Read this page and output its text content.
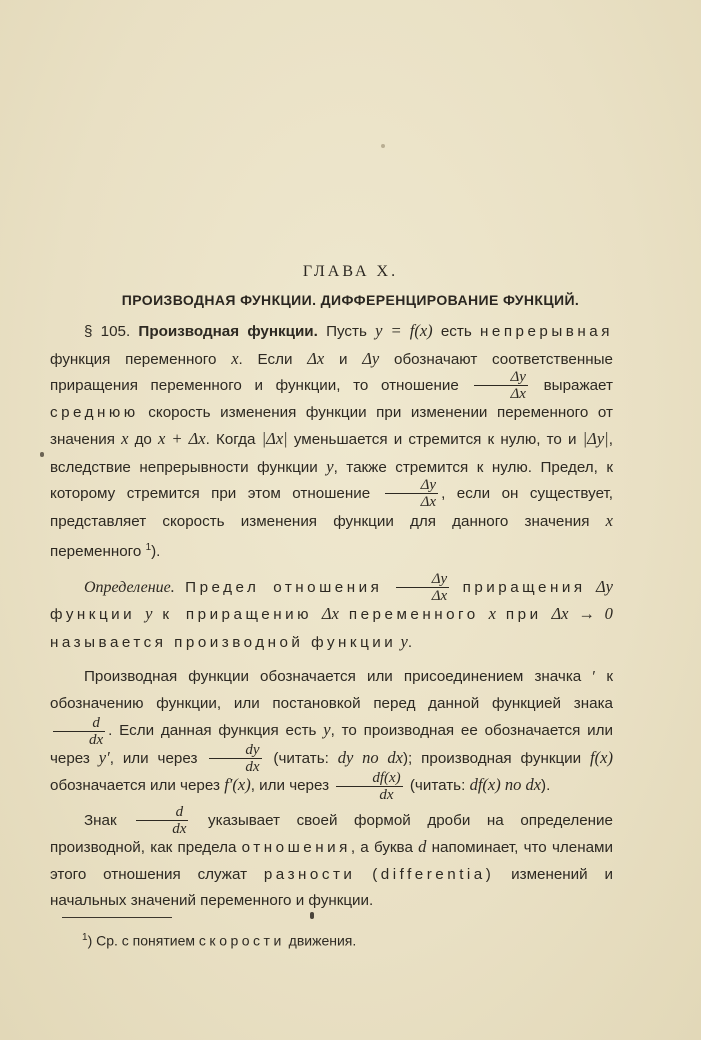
ГЛАВА X.
ПРОИЗВОДНАЯ ФУНКЦИИ. ДИФФЕРЕНЦИРОВАНИЕ ФУНКЦИЙ.

§ 105. Производная функции. Пусть y = f(x) есть непрерывная функция переменного x. Если Δx и Δy обозначают соответственные приращения переменного и функции, то отношение $\frac{\Delta y}{\Delta x}$ выражает среднюю скорость изменения функции при изменении переменного от значения x до x + Δx. Когда |Δx| уменьшается и стремится к нулю, то и |Δy|, вследствие непрерывности функции y, также стремится к нулю. Предел, к которому стремится при этом отношение $\frac{\Delta y}{\Delta x}$ , если он существует, представляет скорость изменения функции для данного значения x переменного $^1$).

Определение. Предел отношения $\frac{\Delta y}{\Delta x}$ приращения Δy функции y к приращению Δx переменного x при Δx → 0 называется производной функции y.

Производная функции обозначается или присоединением значка ′ к обозначению функции, или постановкой перед данной функцией знака
$\frac{d}{dx}$ . Если данная функция есть y, то производная ее обозначается или через y′, или через $\frac{dy}{dx}$ (читать: dy по dx); производная функции f(x) обозначается или через f′(x), или через $\frac{df(x)}{dx}$ (читать: df(x) по dx).

Знак $\frac{d}{dx}$ указывает своей формой дроби на определение производной, как предела отношения, а буква d напоминает, что членами этого отношения служат разности (differentia) изменений и начальных значений переменного и функции.

$^1$) Ср. с понятием скорости движения.
